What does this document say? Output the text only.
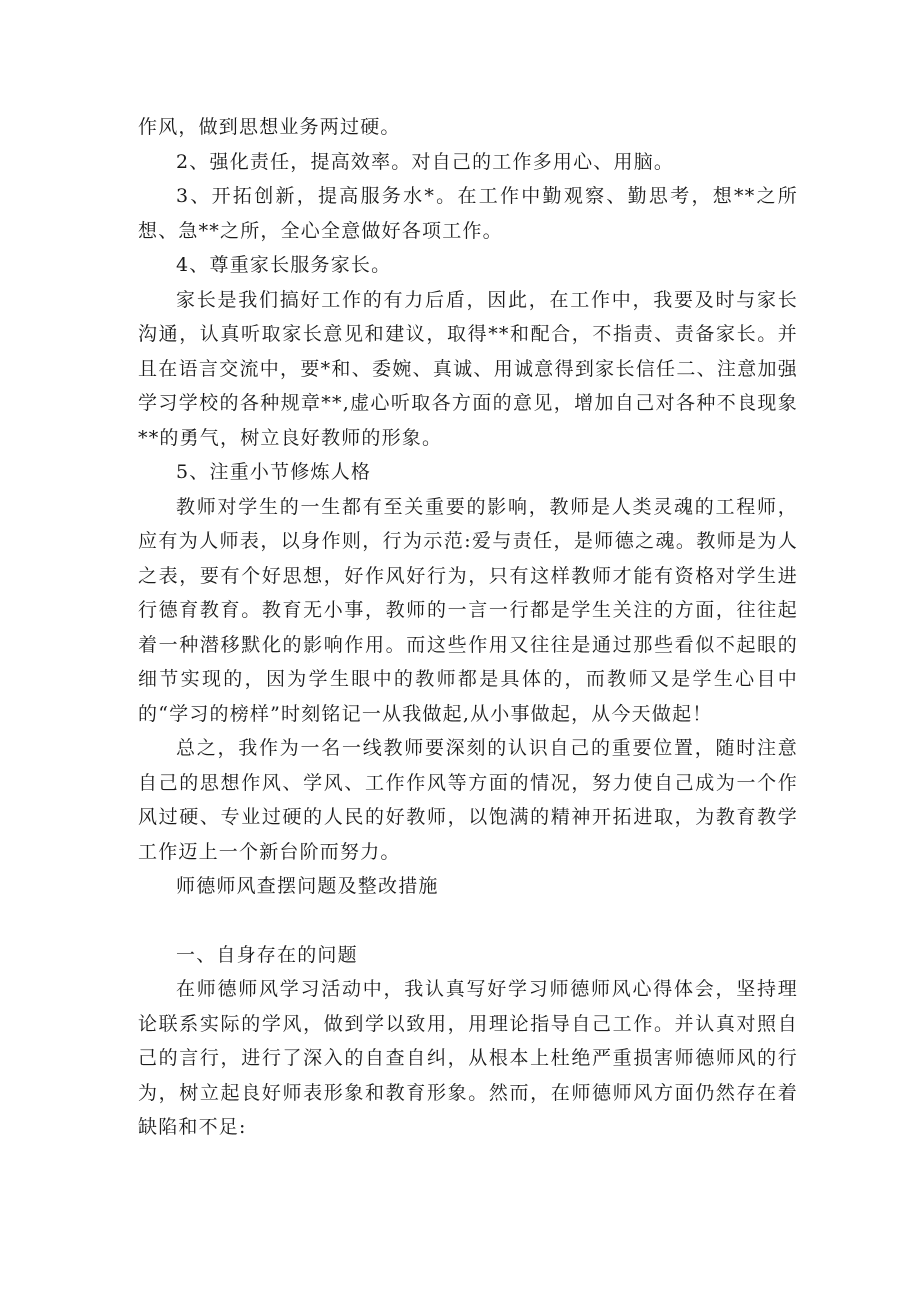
作风，做到思想业务两过硬。

2、强化责任，提高效率。对自己的工作多用心、用脑。

3、开拓创新，提高服务水*。在工作中勤观察、勤思考，想**之所想、急**之所，全心全意做好各项工作。

4、尊重家长服务家长。

家长是我们搞好工作的有力后盾，因此，在工作中，我要及时与家长沟通，认真听取家长意见和建议，取得**和配合，不指责、责备家长。并且在语言交流中，要*和、委婉、真诚、用诚意得到家长信任二、注意加强学习学校的各种规章**,虚心听取各方面的意见，增加自己对各种不良现象**的勇气，树立良好教师的形象。

5、注重小节修炼人格

教师对学生的一生都有至关重要的影响，教师是人类灵魂的工程师，应有为人师表，以身作则，行为示范:爱与责任，是师德之魂。教师是为人之表，要有个好思想，好作风好行为，只有这样教师才能有资格对学生进行德育教育。教育无小事，教师的一言一行都是学生关注的方面，往往起着一种潜移默化的影响作用。而这些作用又往往是通过那些看似不起眼的细节实现的，因为学生眼中的教师都是具体的，而教师又是学生心目中的“学习的榜样”时刻铭记一从我做起,从小事做起，从今天做起！

总之，我作为一名一线教师要深刻的认识自己的重要位置，随时注意自己的思想作风、学风、工作作风等方面的情况，努力使自己成为一个作风过硬、专业过硬的人民的好教师，以饱满的精神开拓进取，为教育教学工作迈上一个新台阶而努力。

师德师风查摆问题及整改措施

一、自身存在的问题

在师德师风学习活动中，我认真写好学习师德师风心得体会，坚持理论联系实际的学风，做到学以致用，用理论指导自己工作。并认真对照自己的言行，进行了深入的自查自纠，从根本上杜绝严重损害师德师风的行为，树立起良好师表形象和教育形象。然而，在师德师风方面仍然存在着缺陷和不足:
